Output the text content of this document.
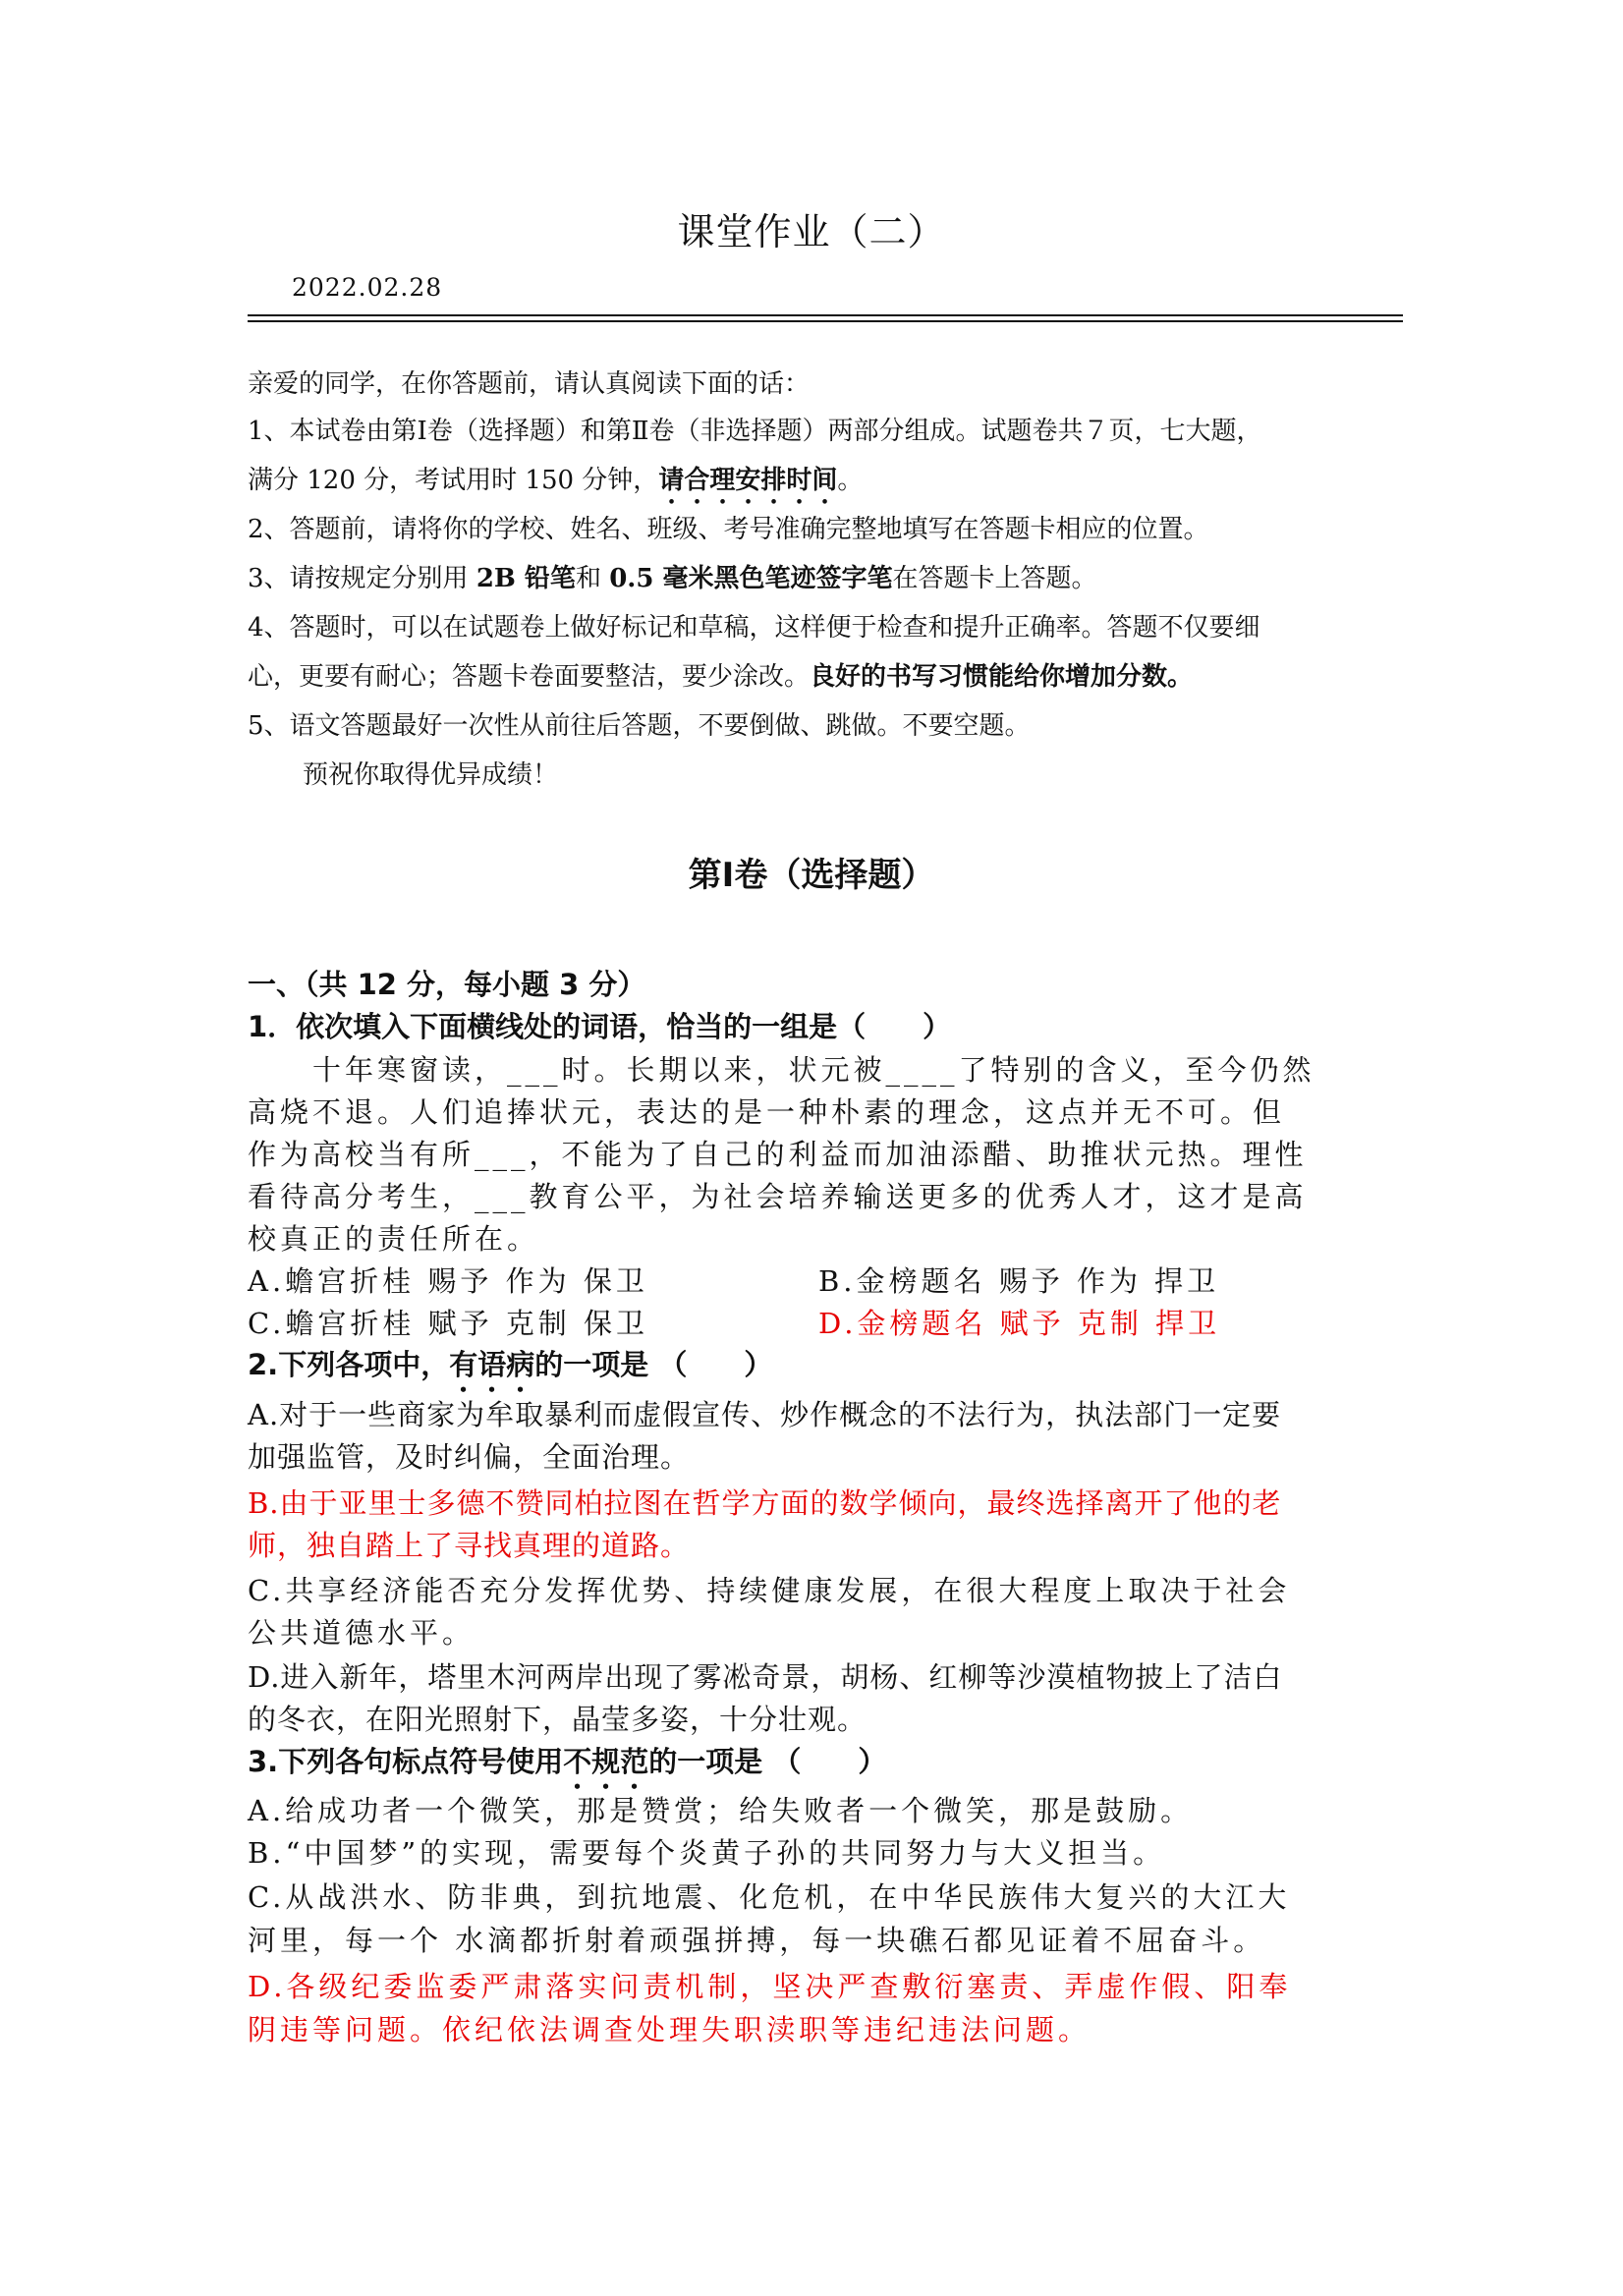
课堂作业（二）
2022.02.28
亲爱的同学，在你答题前，请认真阅读下面的话：
1、本试卷由第Ⅰ卷（选择题）和第Ⅱ卷（非选择题）两部分组成。试题卷共７页，七大题，
满分 120 分，考试用时 150 分钟，请合理安排时间。
2、答题前，请将你的学校、姓名、班级、考号准确完整地填写在答题卡相应的位置。
3、请按规定分别用 2B 铅笔和 0.5 毫米黑色笔迹签字笔在答题卡上答题。
4、答题时，可以在试题卷上做好标记和草稿，这样便于检查和提升正确率。答题不仅要细
心，更要有耐心；答题卡卷面要整洁，要少涂改。良好的书写习惯能给你增加分数。
5、语文答题最好一次性从前往后答题，不要倒做、跳做。不要空题。
预祝你取得优异成绩！
第Ⅰ卷（选择题）
一、（共 12 分，每小题 3 分）
1．依次填入下面横线处的词语，恰当的一组是（　　）
　　十年寒窗读，___时。长期以来，状元被____了特别的含义，至今仍然
高烧不退。人们追捧状元，表达的是一种朴素的理念，这点并无不可。但
作为高校当有所___，不能为了自己的利益而加油添醋、助推状元热。理性
看待高分考生，___教育公平，为社会培养输送更多的优秀人才，这才是高
校真正的责任所在。
A.蟾宫折桂 赐予 作为 保卫	B.金榜题名 赐予 作为 捍卫
C.蟾宫折桂 赋予 克制 保卫	D.金榜题名 赋予 克制 捍卫
2.下列各项中，有语病的一项是 （　　）
A.对于一些商家为牟取暴利而虚假宣传、炒作概念的不法行为，执法部门一定要
加强监管，及时纠偏，全面治理。
B.由于亚里士多德不赞同柏拉图在哲学方面的数学倾向，最终选择离开了他的老
师，独自踏上了寻找真理的道路。
C.共享经济能否充分发挥优势、持续健康发展，在很大程度上取决于社会
公共道德水平。
D.进入新年，塔里木河两岸出现了雾凇奇景，胡杨、红柳等沙漠植物披上了洁白
的冬衣，在阳光照射下，晶莹多姿，十分壮观。
3.下列各句标点符号使用不规范的一项是 （　　）
A.给成功者一个微笑，那是赞赏；给失败者一个微笑，那是鼓励。
B.“中国梦”的实现，需要每个炎黄子孙的共同努力与大义担当。
C.从战洪水、防非典，到抗地震、化危机，在中华民族伟大复兴的大江大
河里，每一个 水滴都折射着顽强拼搏，每一块礁石都见证着不屈奋斗。
D.各级纪委监委严肃落实问责机制，坚决严查敷衍塞责、弄虚作假、阳奉
阴违等问题。依纪依法调查处理失职渎职等违纪违法问题。
